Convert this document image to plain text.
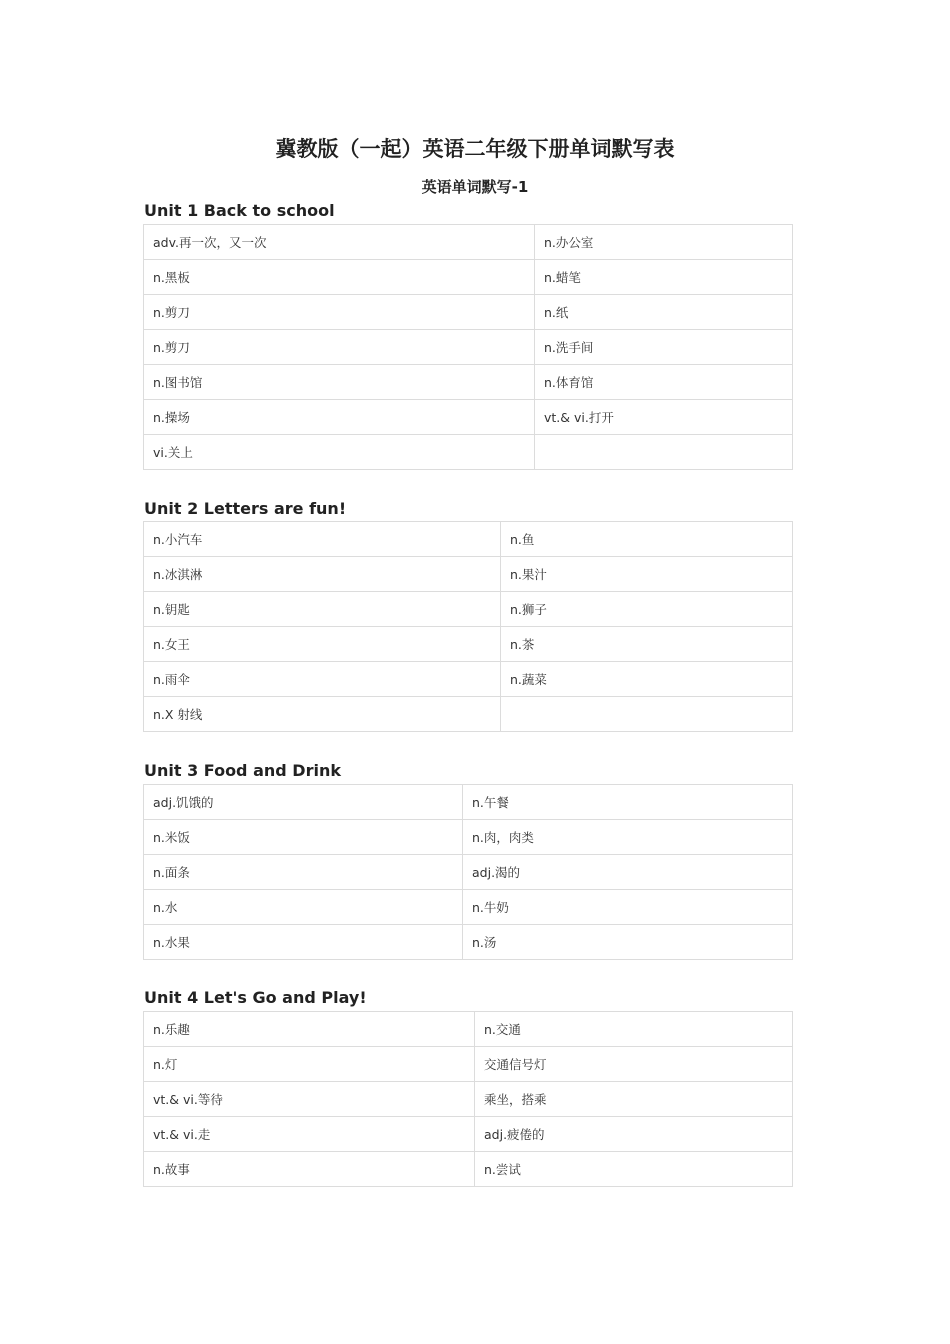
冀教版（一起）英语二年级下册单词默写表
英语单词默写-1
Unit 1 Back to school
adv.再一次，又一次	n.办公室
n.黑板	n.蜡笔
n.剪刀	n.纸
n.剪刀	n.洗手间
n.图书馆	n.体育馆
n.操场	vt.& vi.打开
vi.关上	
Unit 2 Letters are fun!
n.小汽车	n.鱼
n.冰淇淋	n.果汁
n.钥匙	n.狮子
n.女王	n.茶
n.雨伞	n.蔬菜
n.X 射线	
Unit 3 Food and Drink
adj.饥饿的	n.午餐
n.米饭	n.肉，肉类
n.面条	adj.渴的
n.水	n.牛奶
n.水果	n.汤
Unit 4 Let's Go and Play!
n.乐趣	n.交通
n.灯	交通信号灯
vt.& vi.等待	乘坐，搭乘
vt.& vi.走	adj.疲倦的
n.故事	n.尝试
